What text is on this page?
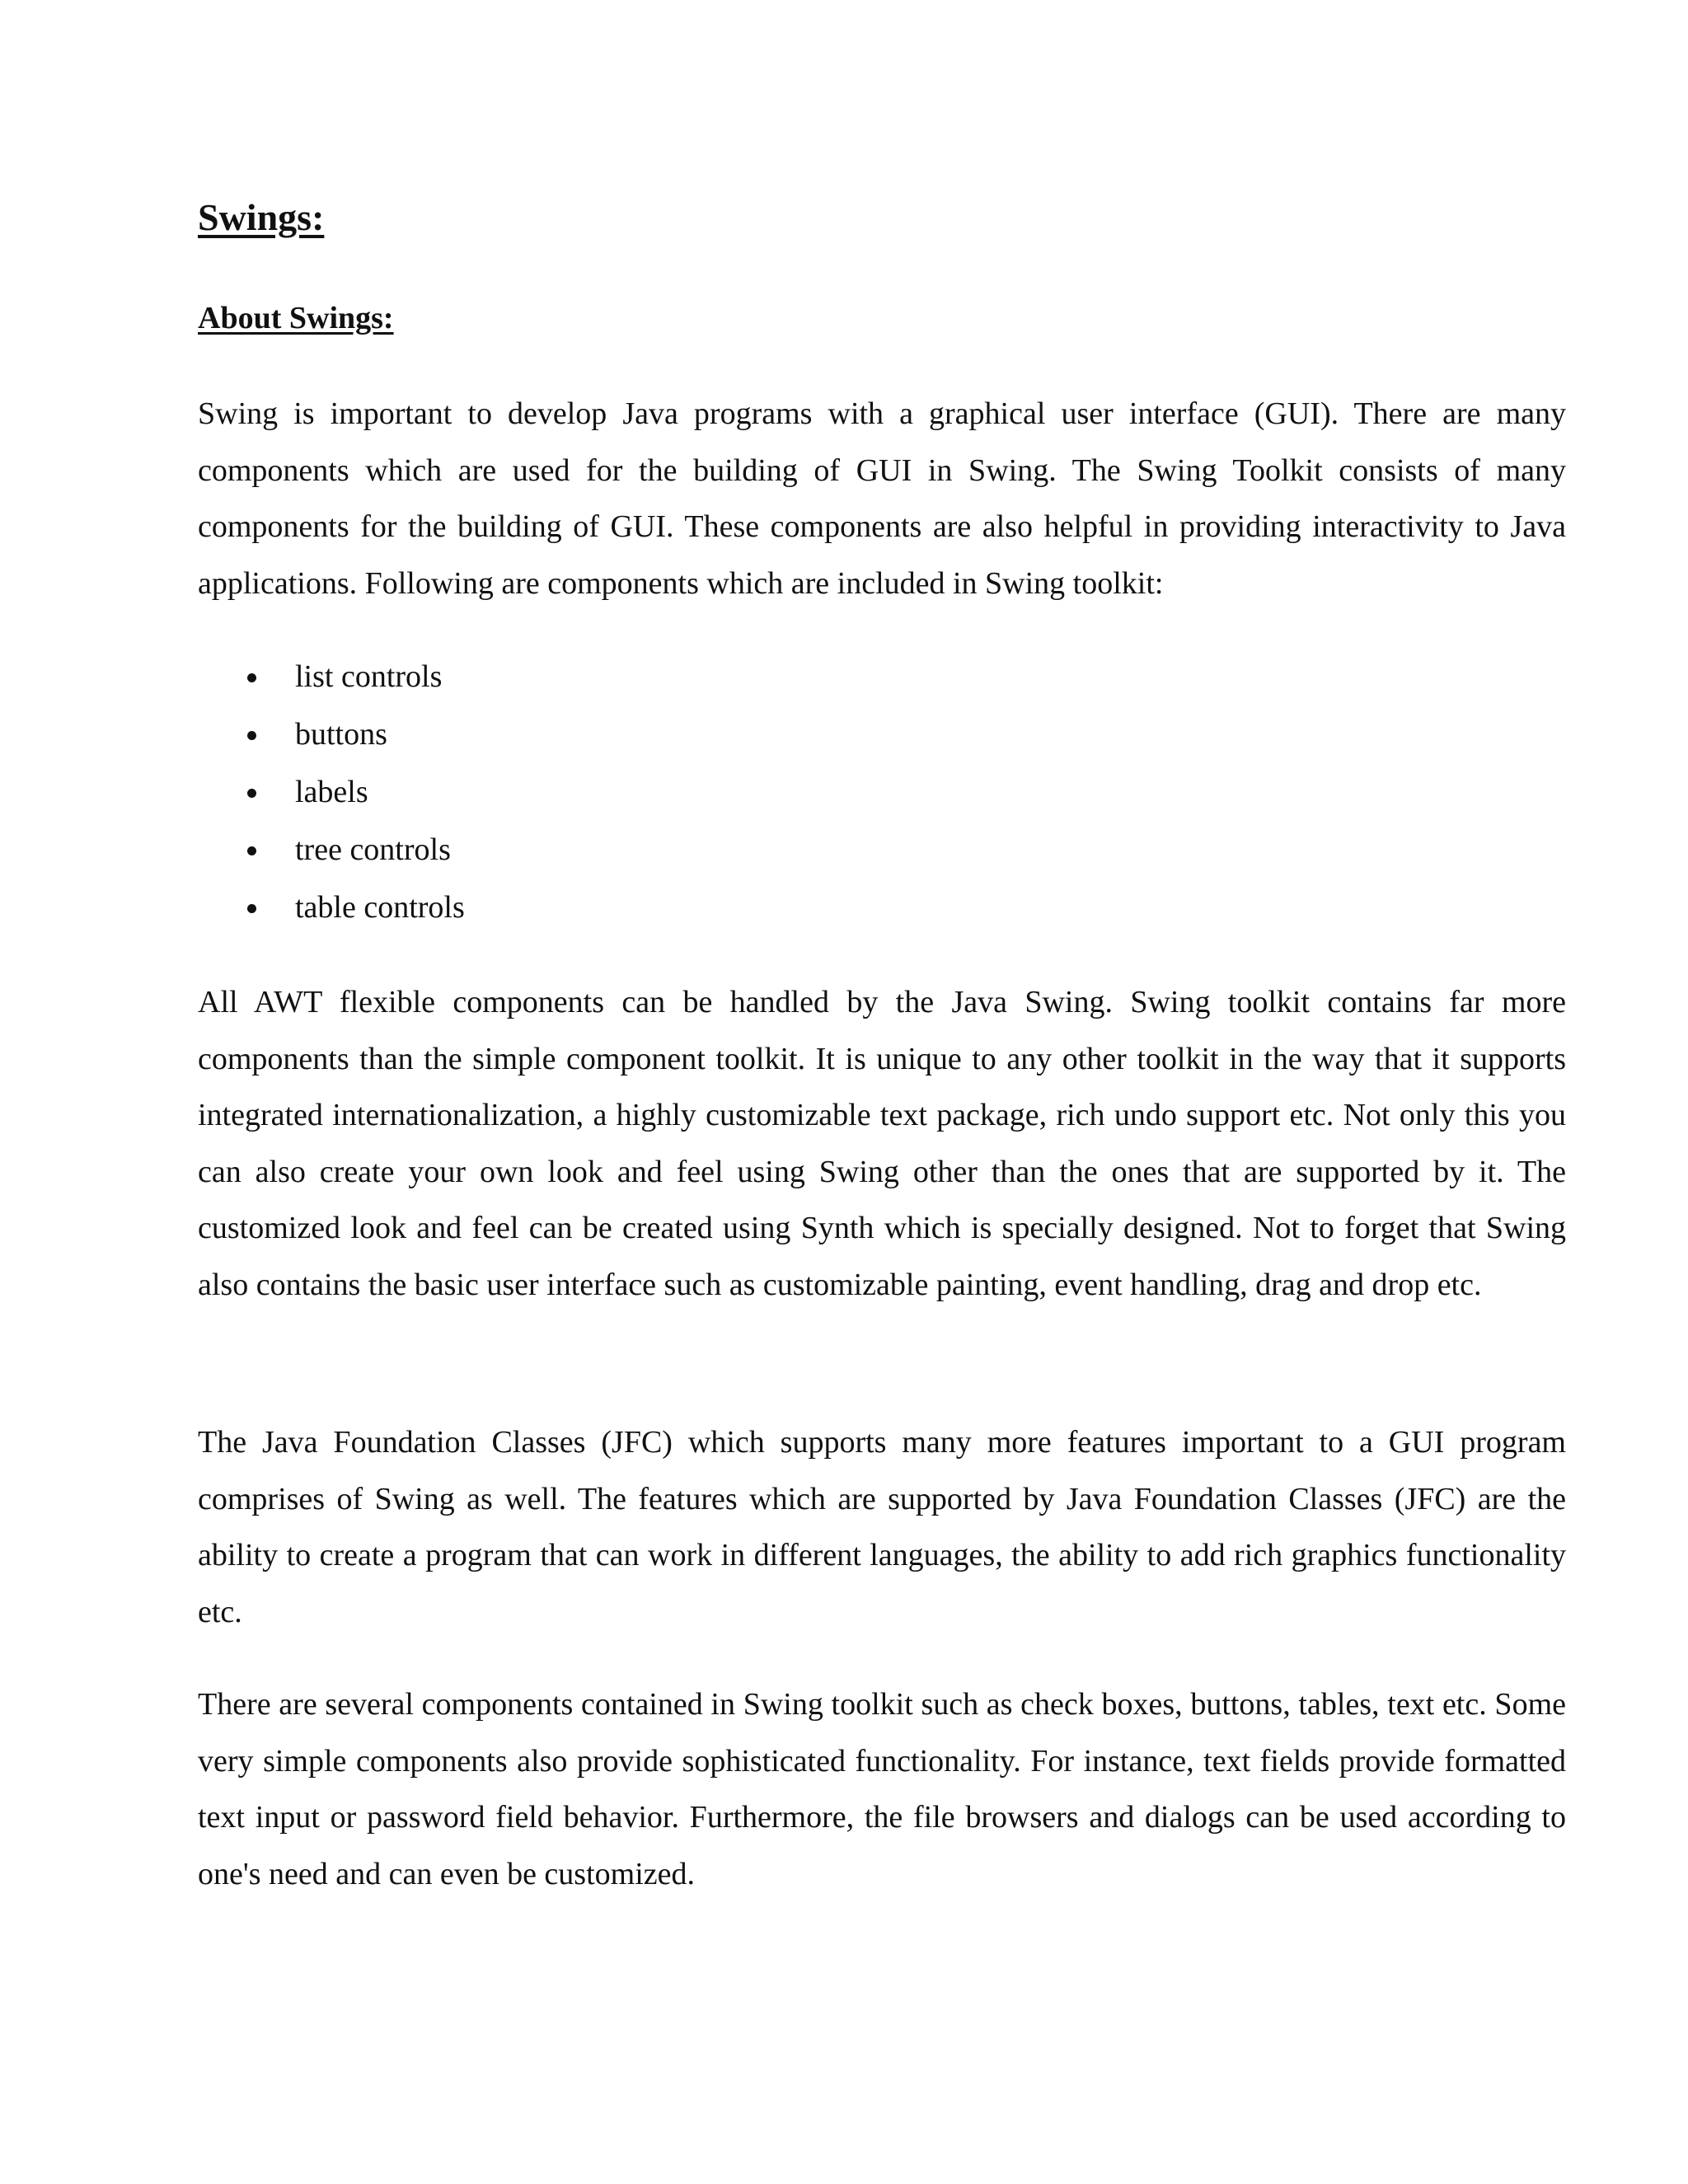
Swings:
About Swings:

Swing is important to develop Java programs with a graphical user interface (GUI). There are many components which are used for the building of GUI in Swing. The Swing Toolkit consists of many components for the building of GUI. These components are also helpful in providing interactivity to Java applications. Following are components which are included in Swing toolkit:

list controls
buttons
labels
tree controls
table controls

All AWT flexible components can be handled by the Java Swing. Swing toolkit contains far more components than the simple component toolkit. It is unique to any other toolkit in the way that it supports integrated internationalization, a highly customizable text package, rich undo support etc. Not only this you can also create your own look and feel using Swing other than the ones that are supported by it. The customized look and feel can be created using Synth which is specially designed. Not to forget that Swing also contains the basic user interface such as customizable painting, event handling, drag and drop etc.

The Java Foundation Classes (JFC) which supports many more features important to a GUI program comprises of Swing as well. The features which are supported by Java Foundation Classes (JFC) are the ability to create a program that can work in different languages, the ability to add rich graphics functionality etc.

There are several components contained in Swing toolkit such as check boxes, buttons, tables, text etc. Some very simple components also provide sophisticated functionality. For instance, text fields provide formatted text input or password field behavior. Furthermore, the file browsers and dialogs can be used according to one's need and can even be customized.
